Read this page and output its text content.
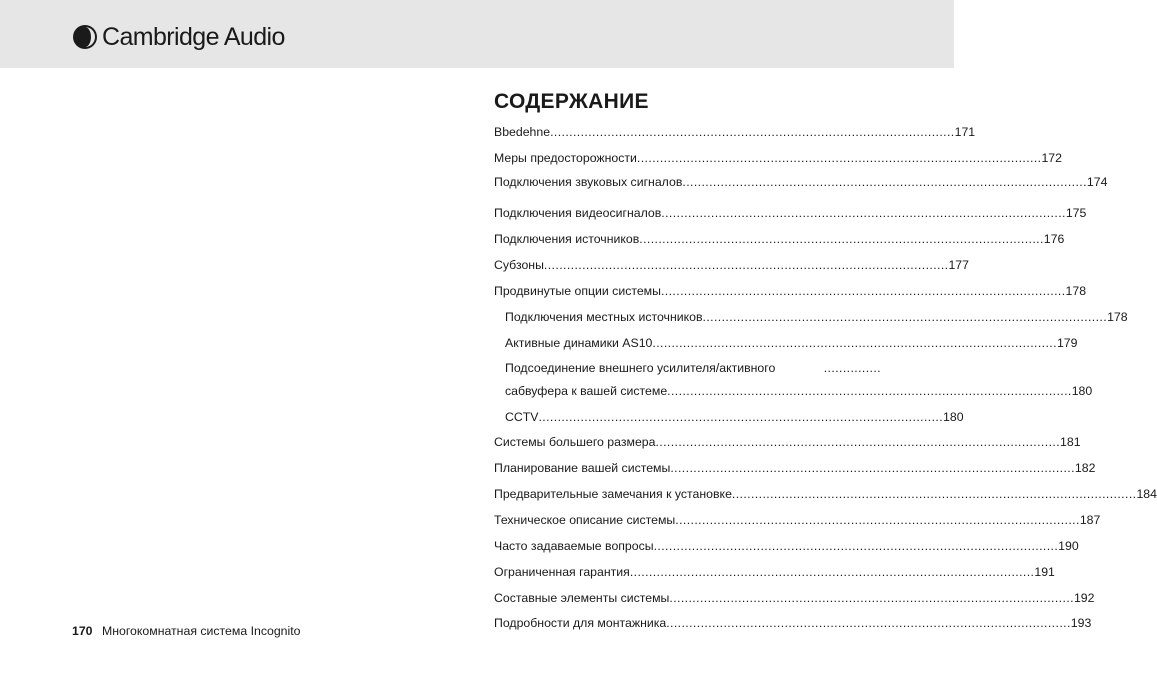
Cambridge Audio
СОДЕРЖАНИЕ
Bbedehne .......................................................................................................... 171
Меры предосторожности .......................................................................................................... 172
Подключения звуковых сигналов .......................................................................................................... 174
Подключения видеосигналов .......................................................................................................... 175
Подключения источников .......................................................................................................... 176
Субзоны .......................................................................................................... 177
Продвинутые опции системы .......................................................................................................... 178
Подключения местных источников .......................................................................................................... 178
Активные динамики AS10 .......................................................................................................... 179
Подсоединение внешнего усилителя/активного	...............
сабвуфера к вашей системе .......................................................................................................... 180
CCTV .......................................................................................................... 180
Системы большего размера .......................................................................................................... 181
Планирование вашей системы .......................................................................................................... 182
Предварительные замечания к установке .......................................................................................................... 184
Техническое описание системы .......................................................................................................... 187
Часто задаваемые вопросы .......................................................................................................... 190
Ограниченная гарантия .......................................................................................................... 191
Составные элементы системы .......................................................................................................... 192
Подробности для монтажника .......................................................................................................... 193
170 Многокомнатная система Incognito
